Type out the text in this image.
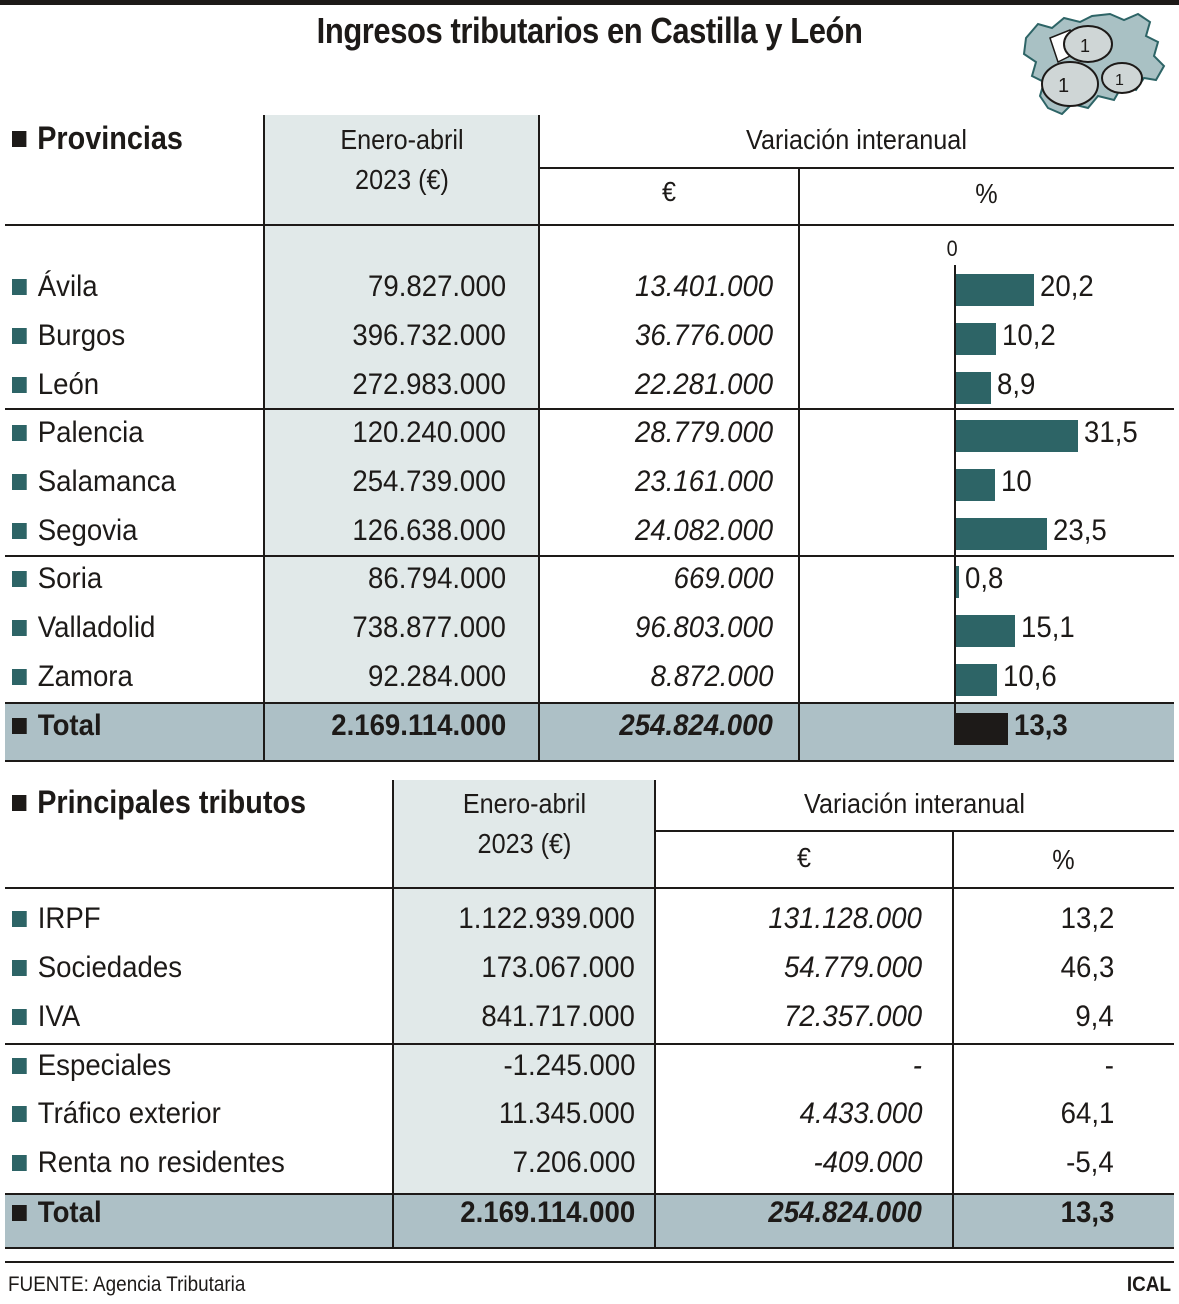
Ingresos tributarios en Castilla y León	1
1	1
Provincias	Enero-abril
2023 (€)
Variación interanual
€	%
0
Ávila	79.827.000	13.401.000	20,2
Burgos	396.732.000	36.776.000	10,2
León	272.983.000	22.281.000	8,9
Palencia	120.240.000	28.779.000	31,5
Salamanca	254.739.000	23.161.000	10
Segovia	126.638.000	24.082.000	23,5
Soria	86.794.000	669.000	0,8
Valladolid	738.877.000	96.803.000	15,1
Zamora	92.284.000	8.872.000	10,6
Total	2.169.114.000	254.824.000	13,3
Principales tributos	Enero-abril
2023 (€)
Variación interanual
€	%
IRPF	1.122.939.000	131.128.000	13,2
Sociedades	173.067.000	54.779.000	46,3
IVA	841.717.000	72.357.000	9,4
Especiales	-1.245.000	-	-
Tráfico exterior	11.345.000	4.433.000	64,1
Renta no residentes	7.206.000	-409.000	-5,4
Total	2.169.114.000	254.824.000	13,3
FUENTE: Agencia Tributaria	ICAL
